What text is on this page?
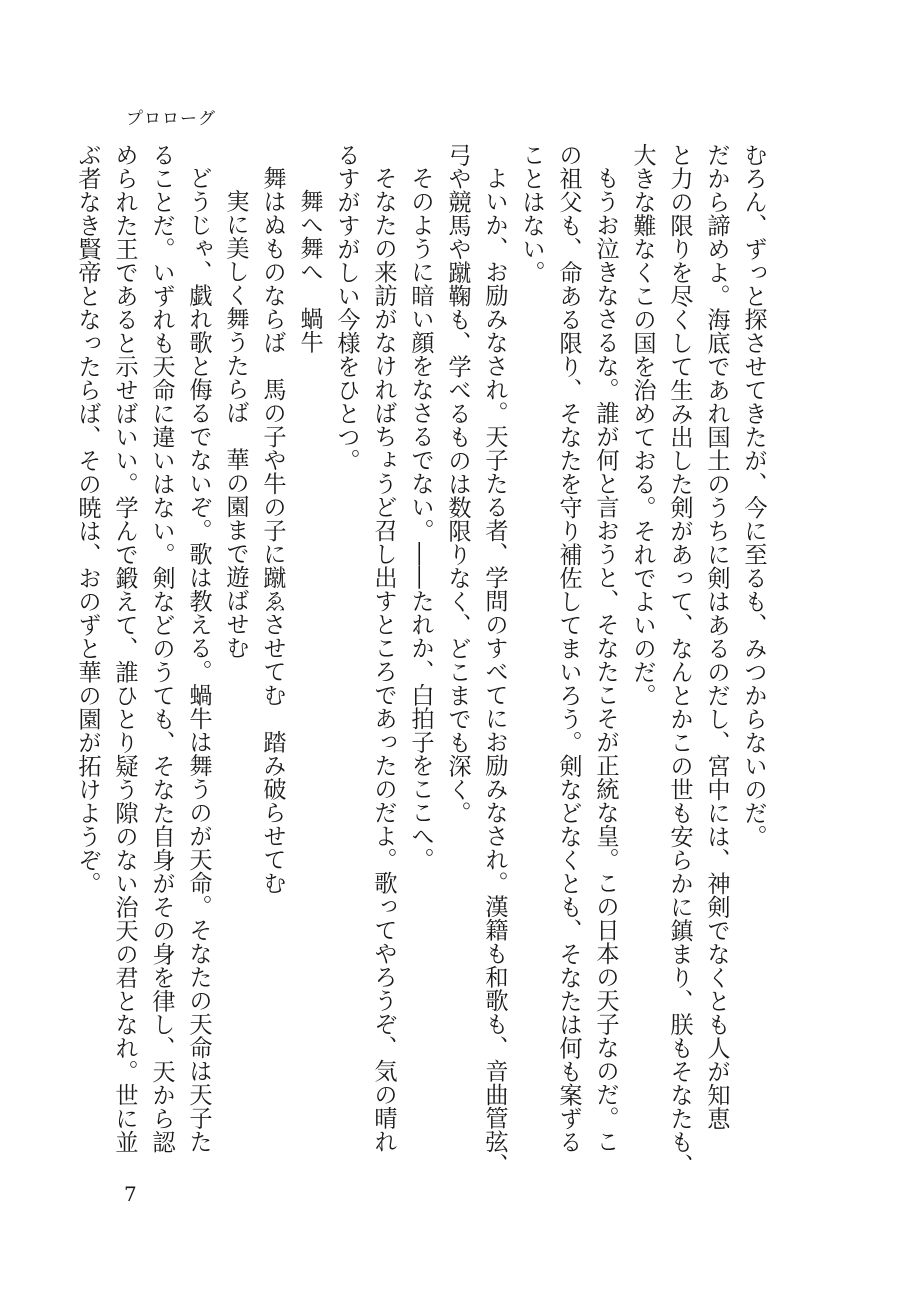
プロローグ
むろん、ずっと探させてきたが、今に至るも、みつからないのだ。
だから諦めよ。海底であれ国土のうちに剣はあるのだし、宮中には、神剣でなくとも人が知恵
と力の限りを尽くして生み出した剣があって、なんとかこの世も安らかに鎮まり、朕もそなたも、
大きな難なくこの国を治めておる。それでよいのだ。
もうお泣きなさるな。誰が何と言おうと、そなたこそが正統な皇。この日本の天子なのだ。こ
の祖父も、命ある限り、そなたを守り補佐してまいろう。剣などなくとも、そなたは何も案ずる
ことはない。
よいか、お励みなされ。天子たる者、学問のすべてにお励みなされ。漢籍も和歌も、音曲管弦、
弓や競馬や蹴鞠も、学べるものは数限りなく、どこまでも深く。
そのように暗い顔をなさるでない。――たれか、白拍子をここへ。
そなたの来訪がなければちょうど召し出すところであったのだよ。歌ってやろうぞ、気の晴れ
るすがすがしい今様をひとつ。
舞へ舞へ　蝸牛
舞はぬものならば　馬の子や牛の子に蹴ゑさせてむ　踏み破らせてむ
実に美しく舞うたらば　華の園まで遊ばせむ
どうじゃ、戯れ歌と侮るでないぞ。歌は教える。蝸牛は舞うのが天命。そなたの天命は天子た
ることだ。いずれも天命に違いはない。剣などのうても、そなた自身がその身を律し、天から認
められた王であると示せばいい。学んで鍛えて、誰ひとり疑う隙のない治天の君となれ。世に並
ぶ者なき賢帝となったらば、その暁は、おのずと華の園が拓けようぞ。
7
